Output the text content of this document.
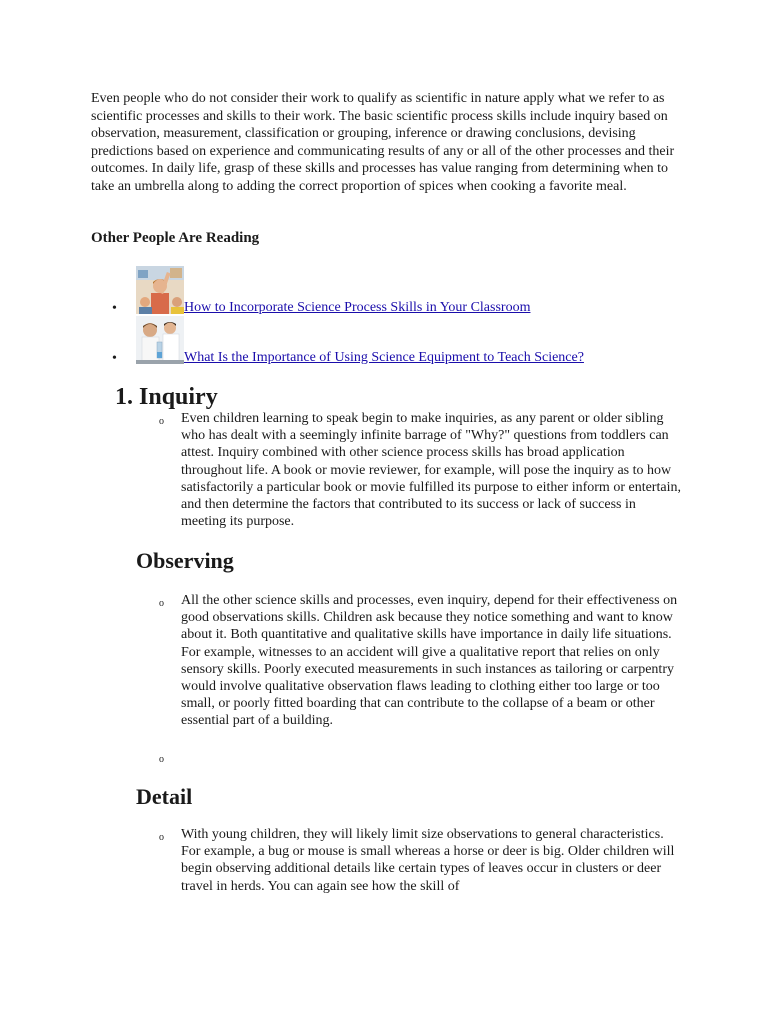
Even people who do not consider their work to qualify as scientific in nature apply what we refer to as scientific processes and skills to their work. The basic scientific process skills include inquiry based on observation, measurement, classification or grouping, inference or drawing conclusions, devising predictions based on experience and communicating results of any or all of the other processes and their outcomes. In daily life, grasp of these skills and processes has value ranging from determining when to take an umbrella along to adding the correct proportion of spices when cooking a favorite meal.

Other People Are Reading
•	How to Incorporate Science Process Skills in Your Classroom
•	What Is the Importance of Using Science Equipment to Teach Science?
1. Inquiry
o Even children learning to speak begin to make inquiries, as any parent or older sibling who has dealt with a seemingly infinite barrage of "Why?" questions from toddlers can attest. Inquiry combined with other science process skills has broad application throughout life. A book or movie reviewer, for example, will pose the inquiry as to how satisfactorily a particular book or movie fulfilled its purpose to either inform or entertain, and then determine the factors that contributed to its success or lack of success in meeting its purpose.

Observing
o All the other science skills and processes, even inquiry, depend for their effectiveness on good observations skills. Children ask because they notice something and want to know about it. Both quantitative and qualitative skills have importance in daily life situations. For example, witnesses to an accident will give a qualitative report that relies on only sensory skills. Poorly executed measurements in such instances as tailoring or carpentry would involve qualitative observation flaws leading to clothing either too large or too small, or poorly fitted boarding that can contribute to the collapse of a beam or other essential part of a building.

o
Detail
o With young children, they will likely limit size observations to general characteristics. For example, a bug or mouse is small whereas a horse or deer is big. Older children will begin observing additional details like certain types of leaves occur in clusters or deer travel in herds. You can again see how the skill of
